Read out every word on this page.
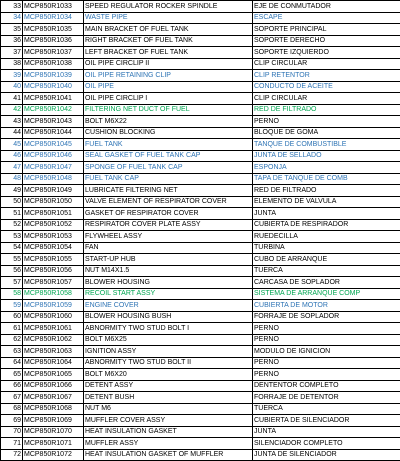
33	MCP850R1033	SPEED REGULATOR ROCKER SPINDLE	EJE DE CONMUTADOR
34	MCP850R1034	WASTE PIPE	ESCAPE
35	MCP850R1035	MAIN BRACKET OF FUEL TANK	SOPORTE PRINCIPAL
36	MCP850R1036	RIGHT BRACKET OF FUEL TANK	SOPORTE DERECHO
37	MCP850R1037	LEFT BRACKET OF FUEL TANK	SOPORTE IZQUIERDO
38	MCP850R1038	OIL PIPE CIRCLIP II	CLIP CIRCULAR
39	MCP850R1039	OIL PIPE RETAINING CLIP	CLIP RETENTOR
40	MCP850R1040	OIL PIPE	CONDUCTO DE ACEITE
41	MCP850R1041	OIL PIPE CIRCLIP I	CLIP CIRCULAR
42	MCP850R1042	FILTERING NET DUCT OF FUEL	RED DE FILTRADO
43	MCP850R1043	BOLT M6X22	PERNO
44	MCP850R1044	CUSHION BLOCKING	BLOQUE DE GOMA
45	MCP850R1045	FUEL TANK	TANQUE DE COMBUSTIBLE
46	MCP850R1046	SEAL GASKET OF FUEL TANK CAP	JUNTA DE SELLADO
47	MCP850R1047	SPONGE OF FUEL TANK CAP	ESPONJA
48	MCP850R1048	FUEL TANK CAP	TAPA DE TANQUE DE COMB
49	MCP850R1049	LUBRICATE FILTERING NET	RED DE FILTRADO
50	MCP850R1050	VALVE ELEMENT OF RESPIRATOR COVER	ELEMENTO DE VALVULA
51	MCP850R1051	GASKET OF RESPIRATOR COVER	JUNTA
52	MCP850R1052	RESPIRATOR COVER PLATE ASSY	CUBIERTA DE RESPIRADOR
53	MCP850R1053	FLYWHEEL ASSY	RUEDECILLA
54	MCP850R1054	FAN	TURBINA
55	MCP850R1055	START-UP HUB	CUBO DE ARRANQUE
56	MCP850R1056	NUT M14X1.5	TUERCA
57	MCP850R1057	BLOWER HOUSING	CARCASA DE SOPLADOR
58	MCP850R1058	RECOIL START ASSY	SISTEMA DE ARRANQUE COMP
59	MCP850R1059	ENGINE COVER	CUBIERTA DE MOTOR
60	MCP850R1060	BLOWER HOUSING BUSH	FORRAJE DE SOPLADOR
61	MCP850R1061	ABNORMITY TWO STUD BOLT I	PERNO
62	MCP850R1062	BOLT M6X25	PERNO
63	MCP850R1063	IGNITION ASSY	MODULO DE IGNICION
64	MCP850R1064	ABNORMITY TWO STUD BOLT II	PERNO
65	MCP850R1065	BOLT M6X20	PERNO
66	MCP850R1066	DETENT ASSY	DENTENTOR COMPLETO
67	MCP850R1067	DETENT BUSH	FORRAJE DE DETENTOR
68	MCP850R1068	NUT M6	TUERCA
69	MCP850R1069	MUFFLER COVER ASSY	CUBIERTA DE SILENCIADOR
70	MCP850R1070	HEAT INSULATION GASKET	JUNTA
71	MCP850R1071	MUFFLER ASSY	SILENCIADOR COMPLETO
72	MCP850R1072	HEAT INSULATION GASKET OF MUFFLER	JUNTA DE SILENCIADOR
